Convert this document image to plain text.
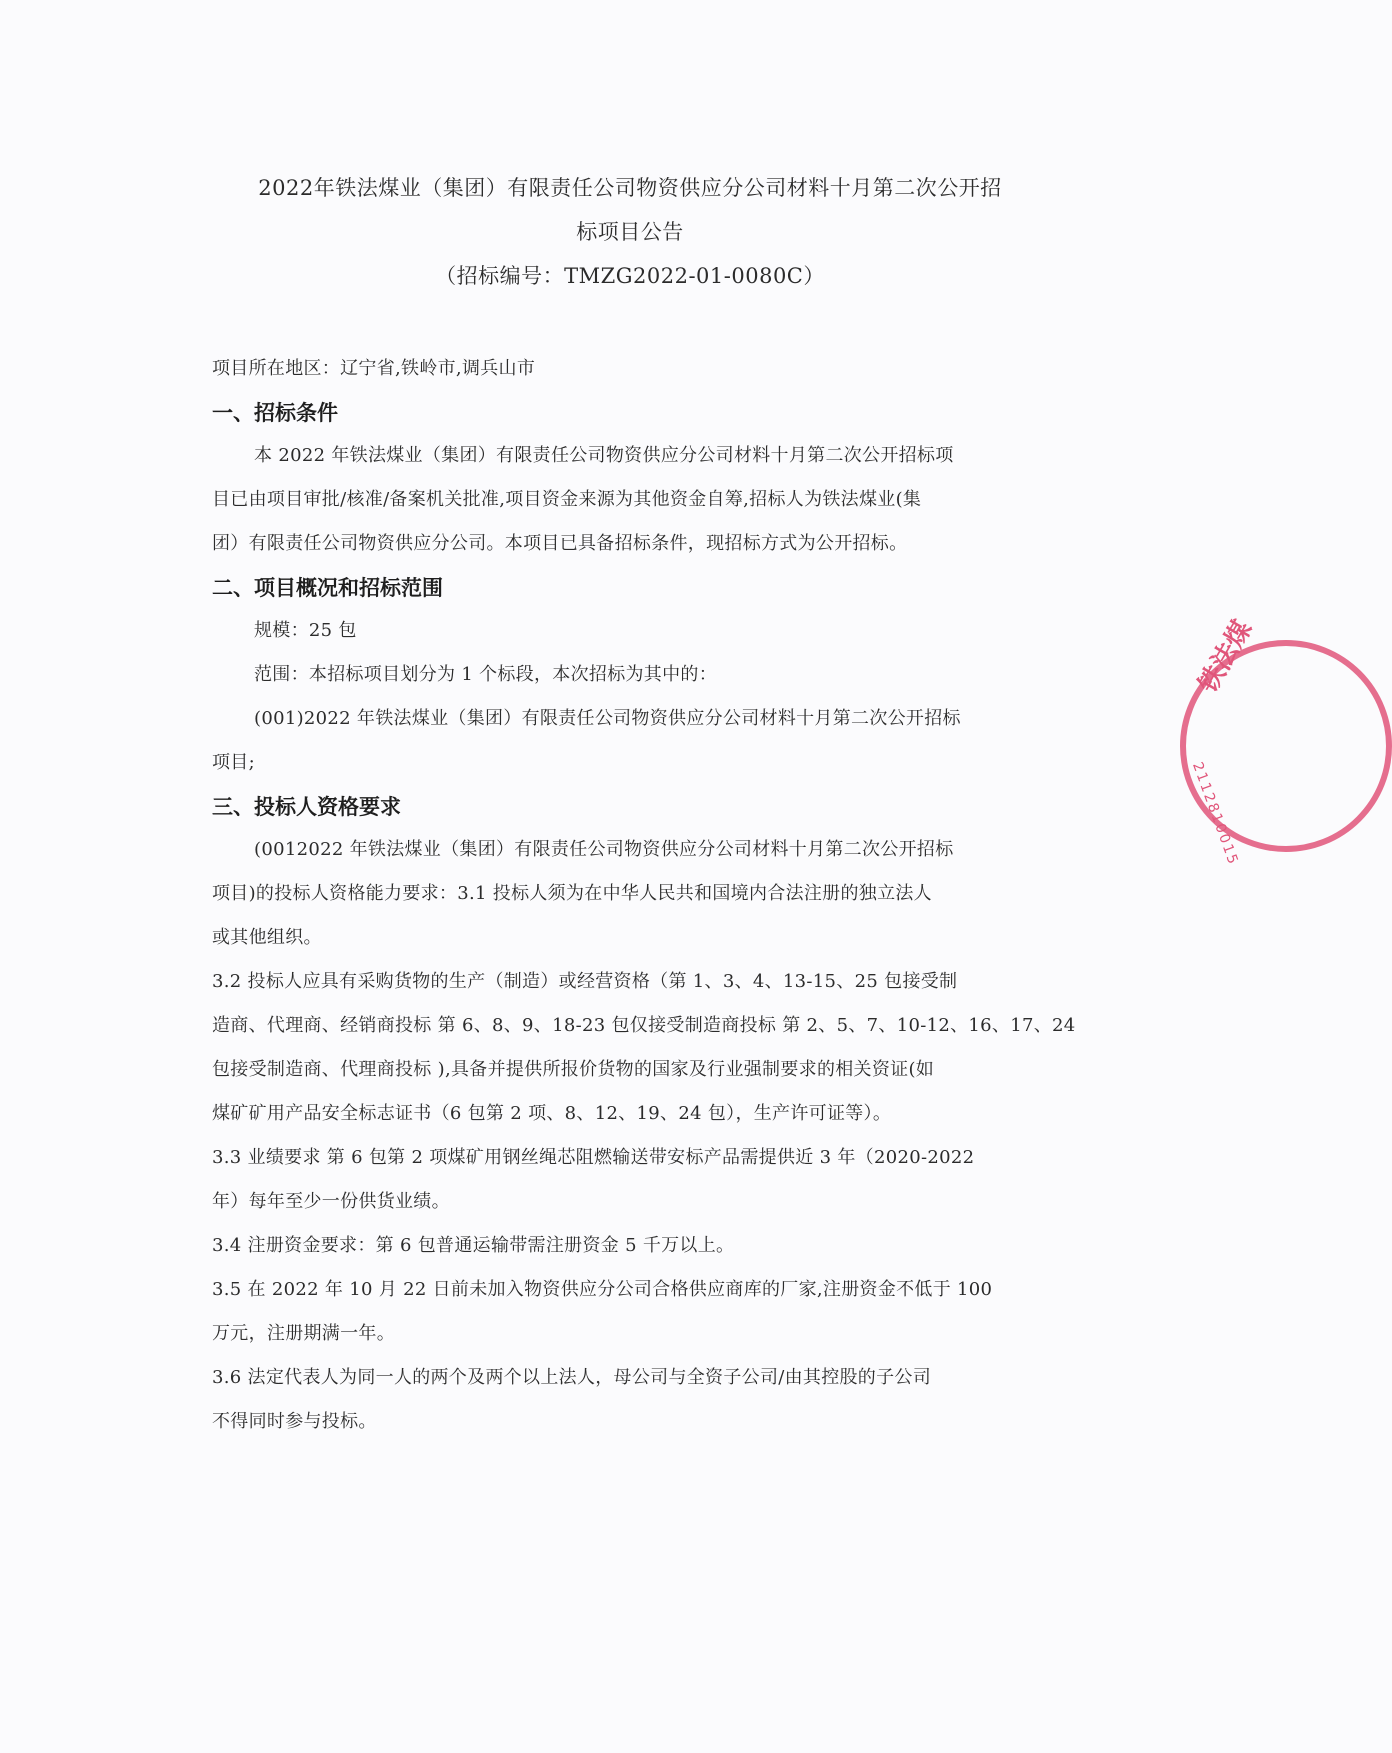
2022年铁法煤业（集团）有限责任公司物资供应分公司材料十月第二次公开招
标项目公告
（招标编号：TMZG2022-01-0080C）
项目所在地区：辽宁省,铁岭市,调兵山市
一、招标条件
本 2022 年铁法煤业（集团）有限责任公司物资供应分公司材料十月第二次公开招标项
目已由项目审批/核准/备案机关批准,项目资金来源为其他资金自筹,招标人为铁法煤业(集
团）有限责任公司物资供应分公司。本项目已具备招标条件，现招标方式为公开招标。
二、项目概况和招标范围
规模：25 包
范围：本招标项目划分为 1 个标段，本次招标为其中的：
(001)2022 年铁法煤业（集团）有限责任公司物资供应分公司材料十月第二次公开招标
项目;
三、投标人资格要求
(0012022 年铁法煤业（集团）有限责任公司物资供应分公司材料十月第二次公开招标
项目)的投标人资格能力要求：3.1 投标人须为在中华人民共和国境内合法注册的独立法人
或其他组织。
3.2 投标人应具有采购货物的生产（制造）或经营资格（第 1、3、4、13-15、25 包接受制
造商、代理商、经销商投标 第 6、8、9、18-23 包仅接受制造商投标 第 2、5、7、10-12、16、17、24
包接受制造商、代理商投标 ),具备并提供所报价货物的国家及行业强制要求的相关资证(如
煤矿矿用产品安全标志证书（6 包第 2 项、8、12、19、24 包），生产许可证等）。
3.3 业绩要求 第 6 包第 2 项煤矿用钢丝绳芯阻燃输送带安标产品需提供近 3 年（2020-2022
年）每年至少一份供货业绩。
3.4 注册资金要求：第 6 包普通运输带需注册资金 5 千万以上。
3.5 在 2022 年 10 月 22 日前未加入物资供应分公司合格供应商库的厂家,注册资金不低于 100
万元，注册期满一年。
3.6 法定代表人为同一人的两个及两个以上法人，母公司与全资子公司/由其控股的子公司
不得同时参与投标。
铁法煤
2112810015
